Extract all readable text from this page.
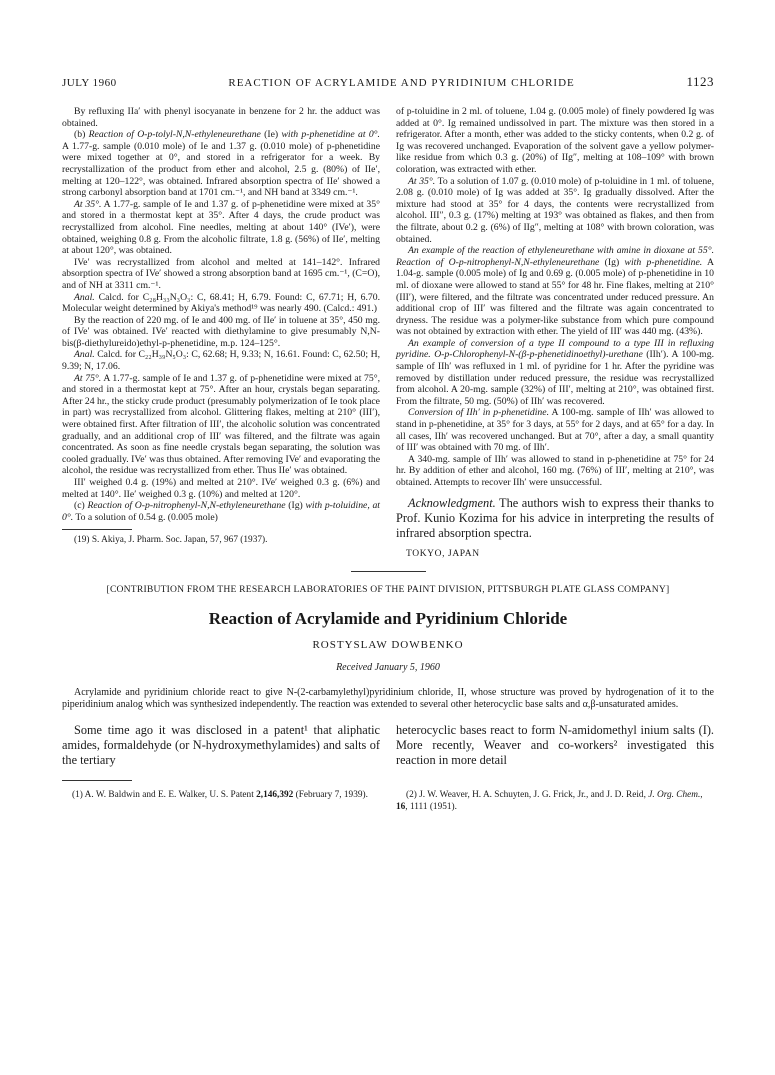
JULY 1960	REACTION OF ACRYLAMIDE AND PYRIDINIUM CHLORIDE	1123

By refluxing IIa′ with phenyl isocyanate in benzene for 2 hr. the adduct was obtained.

(b) Reaction of O-p-tolyl-N,N-ethyleneurethane (Ie) with p-phenetidine at 0°. A 1.77-g. sample (0.010 mole) of Ie and 1.37 g. (0.010 mole) of p-phenetidine were mixed together at 0°, and stored in a refrigerator for a week. By recrystallization of the product from ether and alcohol, 2.5 g. (80%) of IIe′, melting at 120–122°, was obtained. Infrared absorption spectra of IIe′ showed a strong carbonyl absorption band at 1701 cm.⁻¹, and NH band at 3349 cm.⁻¹.

At 35°. A 1.77-g. sample of Ie and 1.37 g. of p-phenetidine were mixed at 35° and stored in a thermostat kept at 35°. After 4 days, the crude product was recrystallized from alcohol. Fine needles, melting at about 140° (IVe′), were obtained, weighing 0.8 g. From the alcoholic filtrate, 1.8 g. (56%) of IIe′, melting at about 120°, was obtained.

IVe′ was recrystallized from alcohol and melted at 141–142°. Infrared absorption spectra of IVe′ showed a strong absorption band at 1695 cm.⁻¹, (C=O), and of NH at 3311 cm.⁻¹.

Anal. Calcd. for C₂₈H₃₃N₃O₃: C, 68.41; H, 6.79. Found: C, 67.71; H, 6.70. Molecular weight determined by Akiya's method¹⁹ was nearly 490. (Calcd.: 491.)

By the reaction of 220 mg. of Ie and 400 mg. of IIe′ in toluene at 35°, 450 mg. of IVe′ was obtained. IVe′ reacted with diethylamine to give presumably N,N-bis(β-diethylureido)ethyl-p-phenetidine, m.p. 124–125°.

Anal. Calcd. for C₂₂H₃₉N₅O₃: C, 62.68; H, 9.33; N, 16.61. Found: C, 62.50; H, 9.39; N, 17.06.

At 75°. A 1.77-g. sample of Ie and 1.37 g. of p-phenetidine were mixed at 75°, and stored in a thermostat kept at 75°. After an hour, crystals began separating. After 24 hr., the sticky crude product (presumably polymerization of Ie took place in part) was recrystallized from alcohol. Glittering flakes, melting at 210° (III′), were obtained first. After filtration of III′, the alcoholic solution was concentrated gradually, and an additional crop of III′ was filtered, and the filtrate was again concentrated. As soon as fine needle crystals began separating, the solution was cooled gradually. IVe′ was thus obtained. After removing IVe′ and evaporating the alcohol, the residue was recrystallized from ether. Thus IIe′ was obtained.

III′ weighed 0.4 g. (19%) and melted at 210°. IVe′ weighed 0.3 g. (6%) and melted at 140°. IIe′ weighed 0.3 g. (10%) and melted at 120°.

(c) Reaction of O-p-nitrophenyl-N,N-ethyleneurethane (Ig) with p-toluidine, at 0°. To a solution of 0.54 g. (0.005 mole)

(19) S. Akiya, J. Pharm. Soc. Japan, 57, 967 (1937).

of p-toluidine in 2 ml. of toluene, 1.04 g. (0.005 mole) of finely powdered Ig was added at 0°. Ig remained undissolved in part. The mixture was then stored in a refrigerator. After a month, ether was added to the sticky contents, when 0.2 g. of Ig was recovered unchanged. Evaporation of the solvent gave a yellow polymer-like residue from which 0.3 g. (20%) of IIg″, melting at 108–109° with brown coloration, was extracted with ether.

At 35°. To a solution of 1.07 g. (0.010 mole) of p-toluidine in 1 ml. of toluene, 2.08 g. (0.010 mole) of Ig was added at 35°. Ig gradually dissolved. After the mixture had stood at 35° for 4 days, the contents were recrystallized from alcohol. III″, 0.3 g. (17%) melting at 193° was obtained as flakes, and then from the filtrate, about 0.2 g. (6%) of IIg″, melting at 108° with brown coloration, was obtained.

An example of the reaction of ethyleneurethane with amine in dioxane at 55°. Reaction of O-p-nitrophenyl-N,N-ethyleneurethane (Ig) with p-phenetidine. A 1.04-g. sample (0.005 mole) of Ig and 0.69 g. (0.005 mole) of p-phenetidine in 10 ml. of dioxane were allowed to stand at 55° for 48 hr. Fine flakes, melting at 210° (III′), were filtered, and the filtrate was concentrated under reduced pressure. An additional crop of III′ was filtered and the filtrate was again concentrated to dryness. The residue was a polymer-like substance from which pure compound was not obtained by extraction with ether. The yield of III′ was 440 mg. (43%).

An example of conversion of a type II compound to a type III in refluxing pyridine. O-p-Chlorophenyl-N-(β-p-phenetidinoethyl)-urethane (IIh′). A 100-mg. sample of IIh′ was refluxed in 1 ml. of pyridine for 1 hr. After the pyridine was removed by distillation under reduced pressure, the residue was recrystallized from alcohol. A 20-mg. sample (32%) of III′, melting at 210°, was obtained first. From the filtrate, 50 mg. (50%) of IIh′ was recovered.

Conversion of IIh′ in p-phenetidine. A 100-mg. sample of IIh′ was allowed to stand in p-phenetidine, at 35° for 3 days, at 55° for 2 days, and at 65° for a day. In all cases, IIh′ was recovered unchanged. But at 70°, after a day, a small quantity of III′ was obtained with 70 mg. of IIh′.

A 340-mg. sample of IIh′ was allowed to stand in p-phenetidine at 75° for 24 hr. By addition of ether and alcohol, 160 mg. (76%) of III′, melting at 210°, was obtained. Attempts to recover IIh′ were unsuccessful.

Acknowledgment. The authors wish to express their thanks to Prof. Kunio Kozima for his advice in interpreting the results of infrared absorption spectra.

TOKYO, JAPAN
[CONTRIBUTION FROM THE RESEARCH LABORATORIES OF THE PAINT DIVISION, PITTSBURGH PLATE GLASS COMPANY]
Reaction of Acrylamide and Pyridinium Chloride
ROSTYSLAW DOWBENKO
Received January 5, 1960

Acrylamide and pyridinium chloride react to give N-(2-carbamylethyl)pyridinium chloride, II, whose structure was proved by hydrogenation of it to the piperidinium analog which was synthesized independently. The reaction was extended to several other heterocyclic base salts and α,β-unsaturated amides.

Some time ago it was disclosed in a patent¹ that aliphatic amides, formaldehyde (or N-hydroxymethylamides) and salts of the tertiary

heterocyclic bases react to form N-amidomethyl inium salts (I). More recently, Weaver and co-workers² investigated this reaction in more detail

(1) A. W. Baldwin and E. E. Walker, U. S. Patent 2,146,392 (February 7, 1939).	(2) J. W. Weaver, H. A. Schuyten, J. G. Frick, Jr., and J. D. Reid, J. Org. Chem., 16, 1111 (1951).
